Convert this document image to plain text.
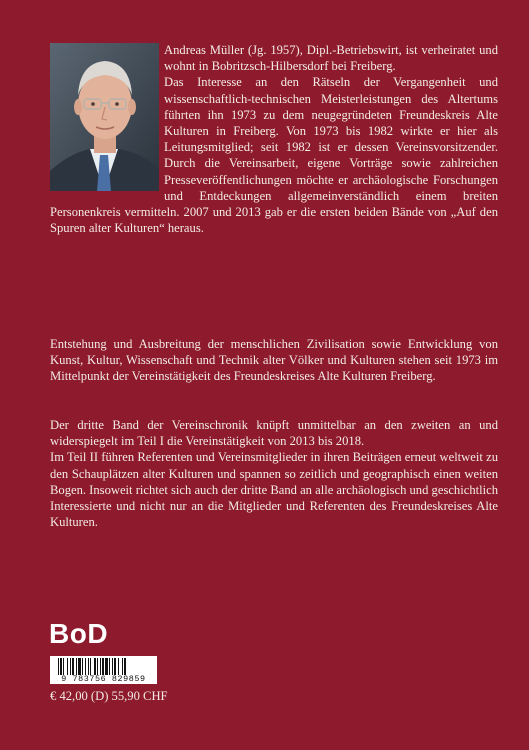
Andreas Müller (Jg. 1957), Dipl.-Betriebswirt, ist verheiratet und wohnt in Bobritzsch-Hilbersdorf bei Freiberg.

Das Interesse an den Rätseln der Vergangenheit und wissenschaftlich-technischen Meisterleistungen des Altertums führten ihn 1973 zu dem neugegründeten Freundeskreis Alte Kulturen in Freiberg. Von 1973 bis 1982 wirkte er hier als Leitungsmitglied; seit 1982 ist er dessen Vereinsvorsitzender. Durch die Vereinsarbeit, eigene Vorträge sowie zahlreichen Presseveröffentlichungen möchte er archäologische Forschungen und Entdeckungen allgemeinverständlich einem breiten Personenkreis vermitteln. 2007 und 2013 gab er die ersten beiden Bände von „Auf den Spuren alter Kulturen“ heraus.

Entstehung und Ausbreitung der menschlichen Zivilisation sowie Entwicklung von Kunst, Kultur, Wissenschaft und Technik alter Völker und Kulturen stehen seit 1973 im Mittelpunkt der Vereinstätigkeit des Freundeskreises Alte Kulturen Freiberg.

Der dritte Band der Vereinschronik knüpft unmittelbar an den zweiten an und widerspiegelt im Teil I die Vereinstätigkeit von 2013 bis 2018.

Im Teil II führen Referenten und Vereinsmitglieder in ihren Beiträgen erneut weltweit zu den Schauplätzen alter Kulturen und spannen so zeitlich und geographisch einen weiten Bogen. Insoweit richtet sich auch der dritte Band an alle archäologisch und geschichtlich Interessierte und nicht nur an die Mitglieder und Referenten des Freundeskreises Alte Kulturen.

BoD
9 783756 829859
€ 42,00 (D) 55,90 CHF
